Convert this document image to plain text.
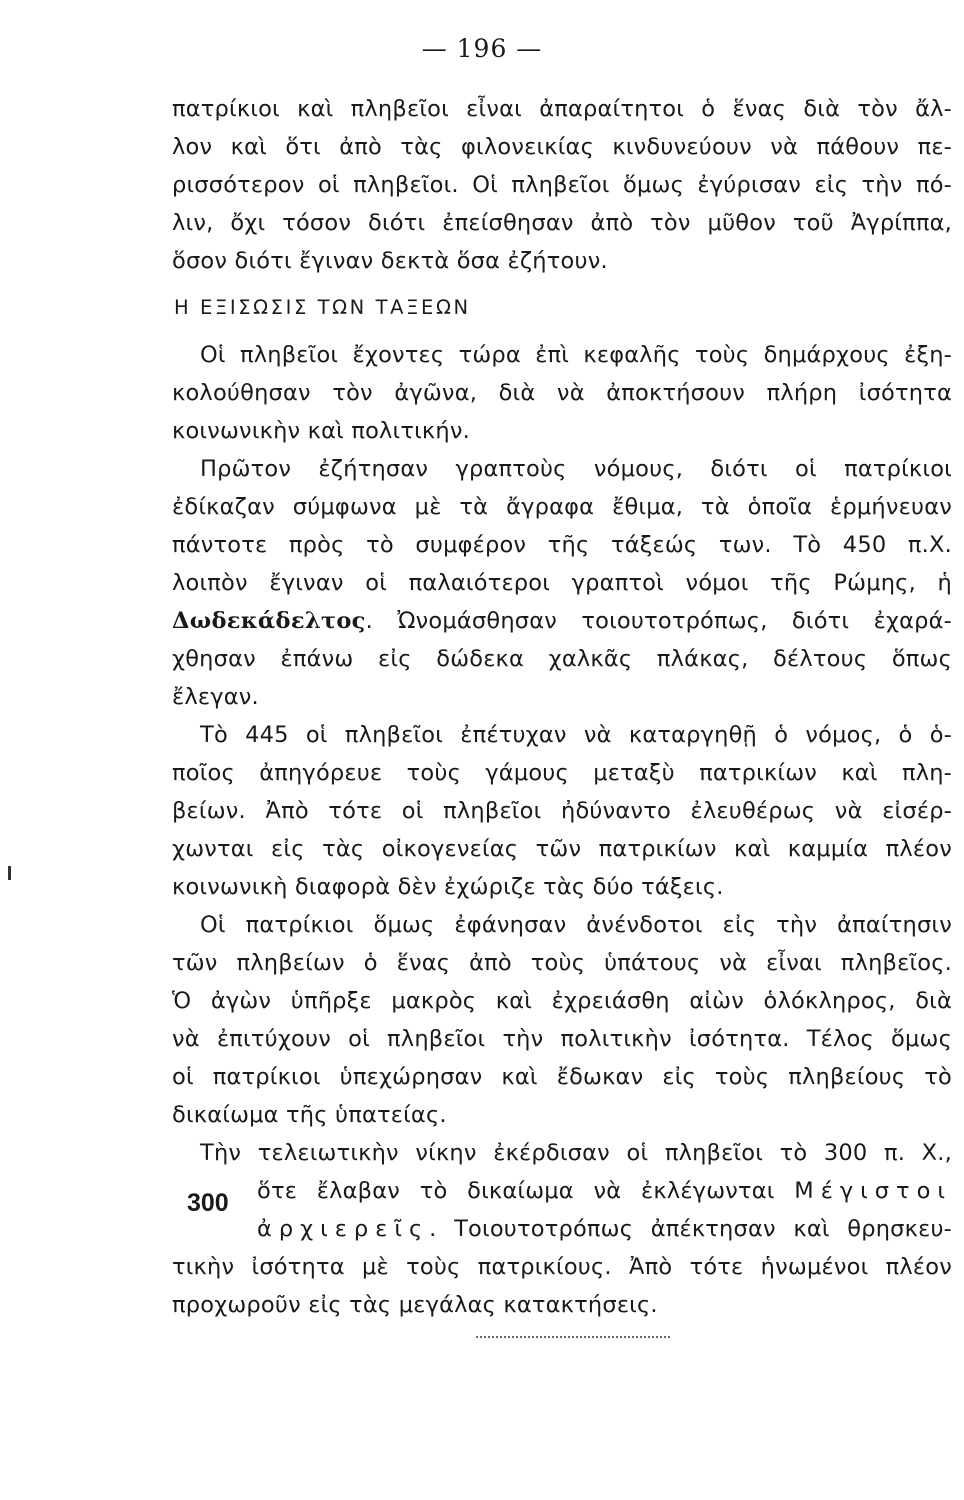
— 196 —
πατρίκιοι καὶ πληβεῖοι εἶναι ἀπαραίτητοι ὁ ἕνας διὰ τὸν ἄλ-
λον καὶ ὅτι ἀπὸ τὰς φιλονεικίας κινδυνεύουν νὰ πάθουν πε-
ρισσότερον οἱ πληβεῖοι. Οἱ πληβεῖοι ὅμως ἐγύρισαν εἰς τὴν πό-
λιν, ὄχι τόσον διότι ἐπείσθησαν ἀπὸ τὸν μῦθον τοῦ Ἀγρίππα,
ὅσον διότι ἔγιναν δεκτὰ ὅσα ἐζήτουν.
Η ΕΞΙΣΩΣΙΣ ΤΩΝ ΤΑΞΕΩΝ
Οἱ πληβεῖοι ἔχοντες τώρα ἐπὶ κεφαλῆς τοὺς δημάρχους ἐξη-
κολούθησαν τὸν ἀγῶνα, διὰ νὰ ἀποκτήσουν πλήρη ἰσότητα
κοινωνικὴν καὶ πολιτικήν.
Πρῶτον ἐζήτησαν γραπτοὺς νόμους, διότι οἱ πατρίκιοι
ἐδίκαζαν σύμφωνα μὲ τὰ ἄγραφα ἔθιμα, τὰ ὁποῖα ἑρμήνευαν
πάντοτε πρὸς τὸ συμφέρον τῆς τάξεώς των. Τὸ 450 π.Χ.
λοιπὸν ἔγιναν οἱ παλαιότεροι γραπτοὶ νόμοι τῆς Ρώμης, ἡ
Δωδεκάδελτος. Ὠνομάσθησαν τοιουτοτρόπως, διότι ἐχαρά-
χθησαν ἐπάνω εἰς δώδεκα χαλκᾶς πλάκας, δέλτους ὅπως
ἔλεγαν.
Τὸ 445 οἱ πληβεῖοι ἐπέτυχαν νὰ καταργηθῇ ὁ νόμος, ὁ ὁ-
ποῖος ἀπηγόρευε τοὺς γάμους μεταξὺ πατρικίων καὶ πλη-
βείων. Ἀπὸ τότε οἱ πληβεῖοι ἠδύναντο ἐλευθέρως νὰ εἰσέρ-
χωνται εἰς τὰς οἰκογενείας τῶν πατρικίων καὶ καμμία πλέον
κοινωνικὴ διαφορὰ δὲν ἐχώριζε τὰς δύο τάξεις.
Οἱ πατρίκιοι ὅμως ἐφάνησαν ἀνένδοτοι εἰς τὴν ἀπαίτησιν
τῶν πληβείων ὁ ἕνας ἀπὸ τοὺς ὑπάτους νὰ εἶναι πληβεῖος.
Ὁ ἀγὼν ὑπῆρξε μακρὸς καὶ ἐχρειάσθη αἰὼν ὁλόκληρος, διὰ
νὰ ἐπιτύχουν οἱ πληβεῖοι τὴν πολιτικὴν ἰσότητα. Τέλος ὅμως
οἱ πατρίκιοι ὑπεχώρησαν καὶ ἔδωκαν εἰς τοὺς πληβείους τὸ
δικαίωμα τῆς ὑπατείας.
Τὴν τελειωτικὴν νίκην ἐκέρδισαν οἱ πληβεῖοι τὸ 300 π. Χ.,
ὅτε ἔλαβαν τὸ δικαίωμα νὰ ἐκλέγωνται Μέγιστοι
ἀρχιερεῖς. Τοιουτοτρόπως ἀπέκτησαν καὶ θρησκευ-
τικὴν ἰσότητα μὲ τοὺς πατρικίους. Ἀπὸ τότε ἡνωμένοι πλέον
προχωροῦν εἰς τὰς μεγάλας κατακτήσεις.
300
